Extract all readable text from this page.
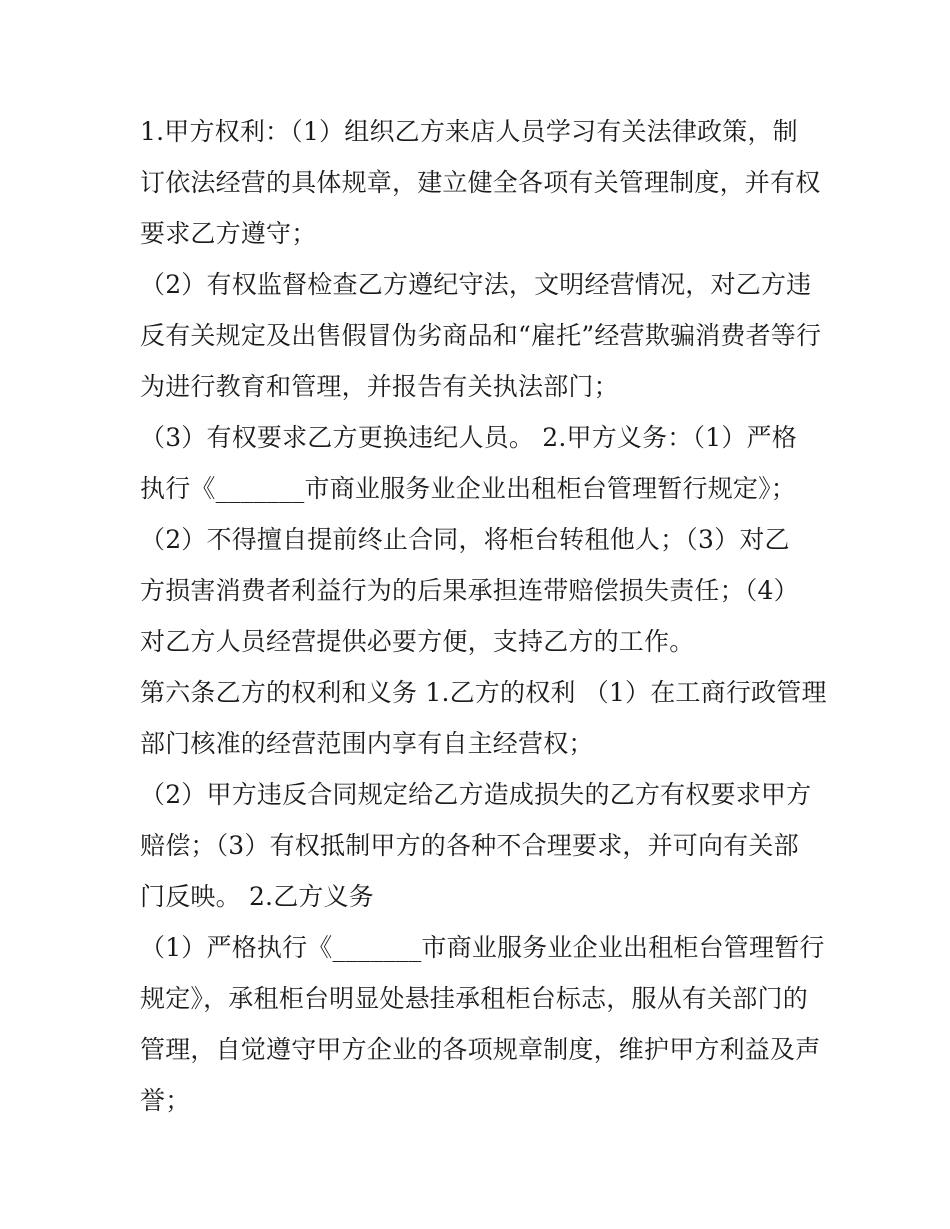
1.甲方权利：（1）组织乙方来店人员学习有关法律政策，制
订依法经营的具体规章，建立健全各项有关管理制度，并有权
要求乙方遵守；
（2）有权监督检查乙方遵纪守法，文明经营情况，对乙方违
反有关规定及出售假冒伪劣商品和“雇托”经营欺骗消费者等行
为进行教育和管理，并报告有关执法部门；
（3）有权要求乙方更换违纪人员。 2.甲方义务：（1）严格
执行《_______市商业服务业企业出租柜台管理暂行规定》；
（2）不得擅自提前终止合同，将柜台转租他人；（3）对乙
方损害消费者利益行为的后果承担连带赔偿损失责任；（4）
对乙方人员经营提供必要方便，支持乙方的工作。
第六条乙方的权利和义务 1.乙方的权利 （1）在工商行政管理
部门核准的经营范围内享有自主经营权；
（2）甲方违反合同规定给乙方造成损失的乙方有权要求甲方
赔偿；（3）有权抵制甲方的各种不合理要求，并可向有关部
门反映。 2.乙方义务
（1）严格执行《_______市商业服务业企业出租柜台管理暂行
规定》，承租柜台明显处悬挂承租柜台标志，服从有关部门的
管理，自觉遵守甲方企业的各项规章制度，维护甲方利益及声
誉；
